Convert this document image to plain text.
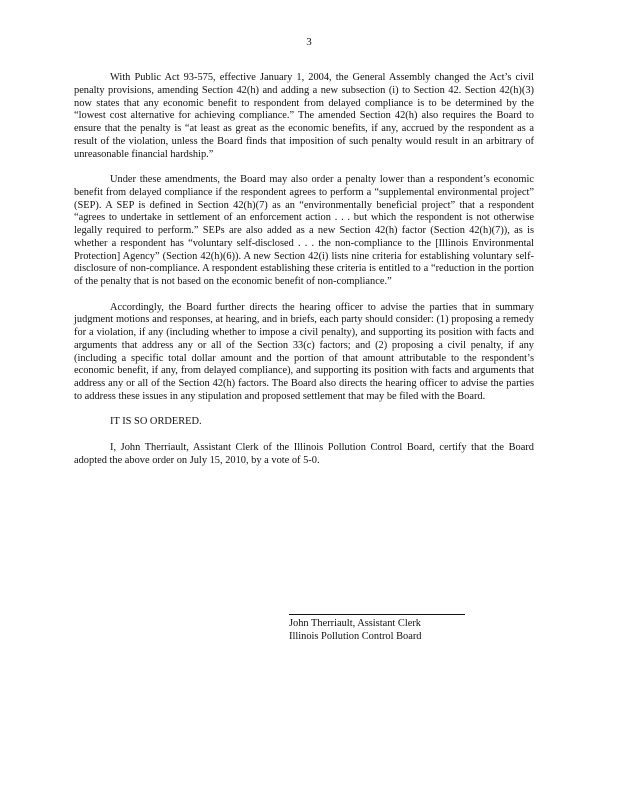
3

With Public Act 93-575, effective January 1, 2004, the General Assembly changed the Act’s civil penalty provisions, amending Section 42(h) and adding a new subsection (i) to Section 42. Section 42(h)(3) now states that any economic benefit to respondent from delayed compliance is to be determined by the “lowest cost alternative for achieving compliance.” The amended Section 42(h) also requires the Board to ensure that the penalty is “at least as great as the economic benefits, if any, accrued by the respondent as a result of the violation, unless the Board finds that imposition of such penalty would result in an arbitrary of unreasonable financial hardship.”

Under these amendments, the Board may also order a penalty lower than a respondent’s economic benefit from delayed compliance if the respondent agrees to perform a “supplemental environmental project” (SEP). A SEP is defined in Section 42(h)(7) as an “environmentally beneficial project” that a respondent “agrees to undertake in settlement of an enforcement action . . . but which the respondent is not otherwise legally required to perform.” SEPs are also added as a new Section 42(h) factor (Section 42(h)(7)), as is whether a respondent has “voluntary self-disclosed . . . the non-compliance to the [Illinois Environmental Protection] Agency” (Section 42(h)(6)). A new Section 42(i) lists nine criteria for establishing voluntary self-disclosure of non-compliance. A respondent establishing these criteria is entitled to a “reduction in the portion of the penalty that is not based on the economic benefit of non-compliance.”

Accordingly, the Board further directs the hearing officer to advise the parties that in summary judgment motions and responses, at hearing, and in briefs, each party should consider: (1) proposing a remedy for a violation, if any (including whether to impose a civil penalty), and supporting its position with facts and arguments that address any or all of the Section 33(c) factors; and (2) proposing a civil penalty, if any (including a specific total dollar amount and the portion of that amount attributable to the respondent’s economic benefit, if any, from delayed compliance), and supporting its position with facts and arguments that address any or all of the Section 42(h) factors. The Board also directs the hearing officer to advise the parties to address these issues in any stipulation and proposed settlement that may be filed with the Board.

IT IS SO ORDERED.

I, John Therriault, Assistant Clerk of the Illinois Pollution Control Board, certify that the Board adopted the above order on July 15, 2010, by a vote of 5-0.

John Therriault, Assistant Clerk
Illinois Pollution Control Board
